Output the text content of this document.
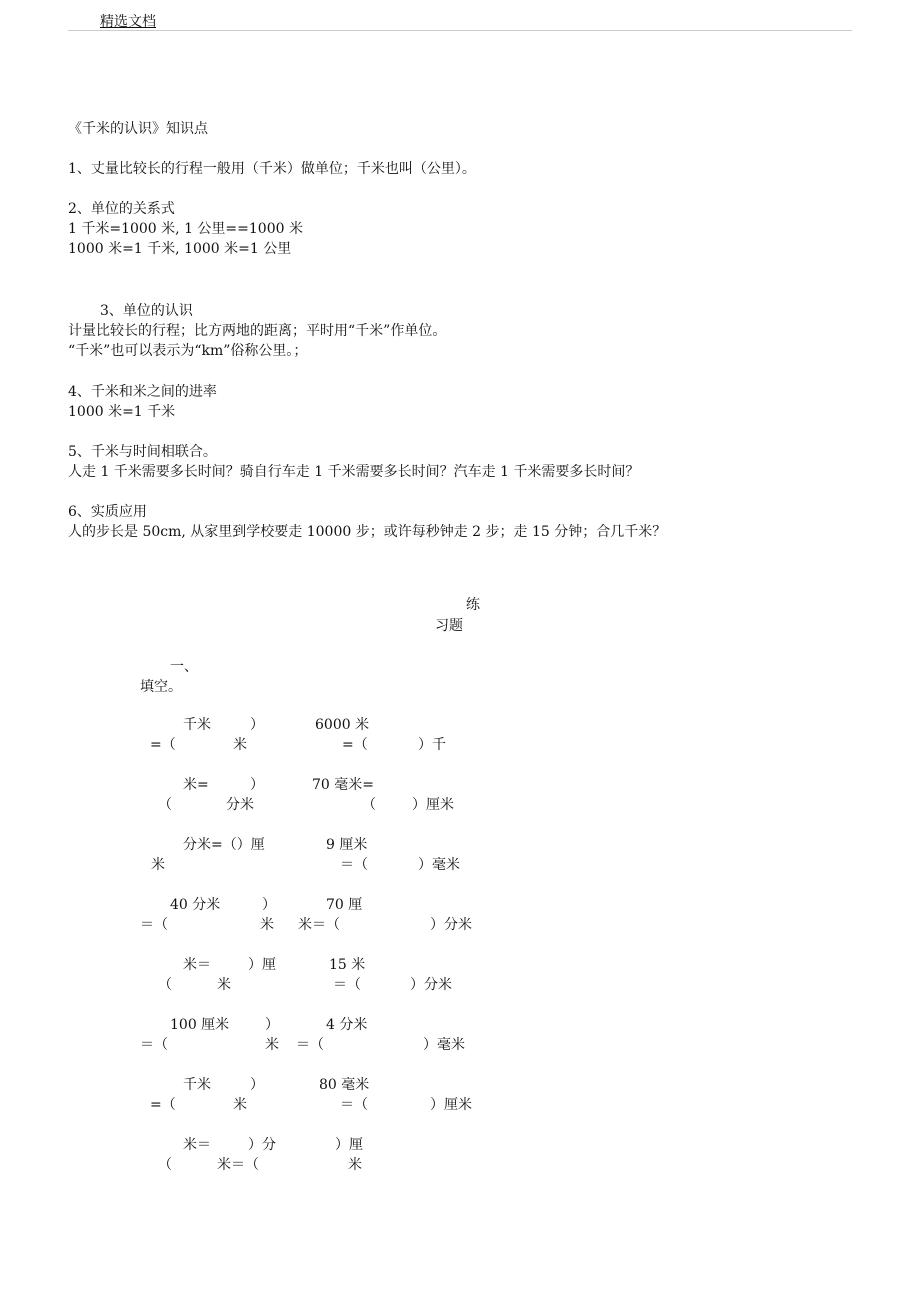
精选文档
《千米的认识》知识点
1、丈量比较长的行程一般用（千米）做单位；千米也叫（公里）。
2、单位的关系式
1 千米=1000 米, 1 公里==1000 米
1000 米=1 千米, 1000 米=1 公里
3、单位的认识
计量比较长的行程；比方两地的距离；平时用“千米”作单位。
“千米”也可以表示为“km”俗称公里。；
4、千米和米之间的进率
1000 米=1 千米
5、千米与时间相联合。
人走 1 千米需要多长时间？骑自行车走 1 千米需要多长时间？汽车走 1 千米需要多长时间？
6、实质应用
人的步长是 50cm, 从家里到学校要走 10000 步；或许每秒钟走 2 步；走 15 分钟；合几千米？
练
习题
一、
填空。
千米	）	6000 米
=（	米	=（	）千
米=	）	70 毫米=
（	分米	（	）厘米
分米=（）厘	9 厘米
米	＝（	）毫米
40 分米	）	70 厘
＝（	米 米＝（	）分米
米＝	）厘	15 米
（	米	＝（	）分米
100 厘米	）	4 分米
＝（	米 ＝（	）毫米
千米	）	80 毫米
=（	米	＝（	）厘米
米＝	）分	）厘
（	米＝（	米
